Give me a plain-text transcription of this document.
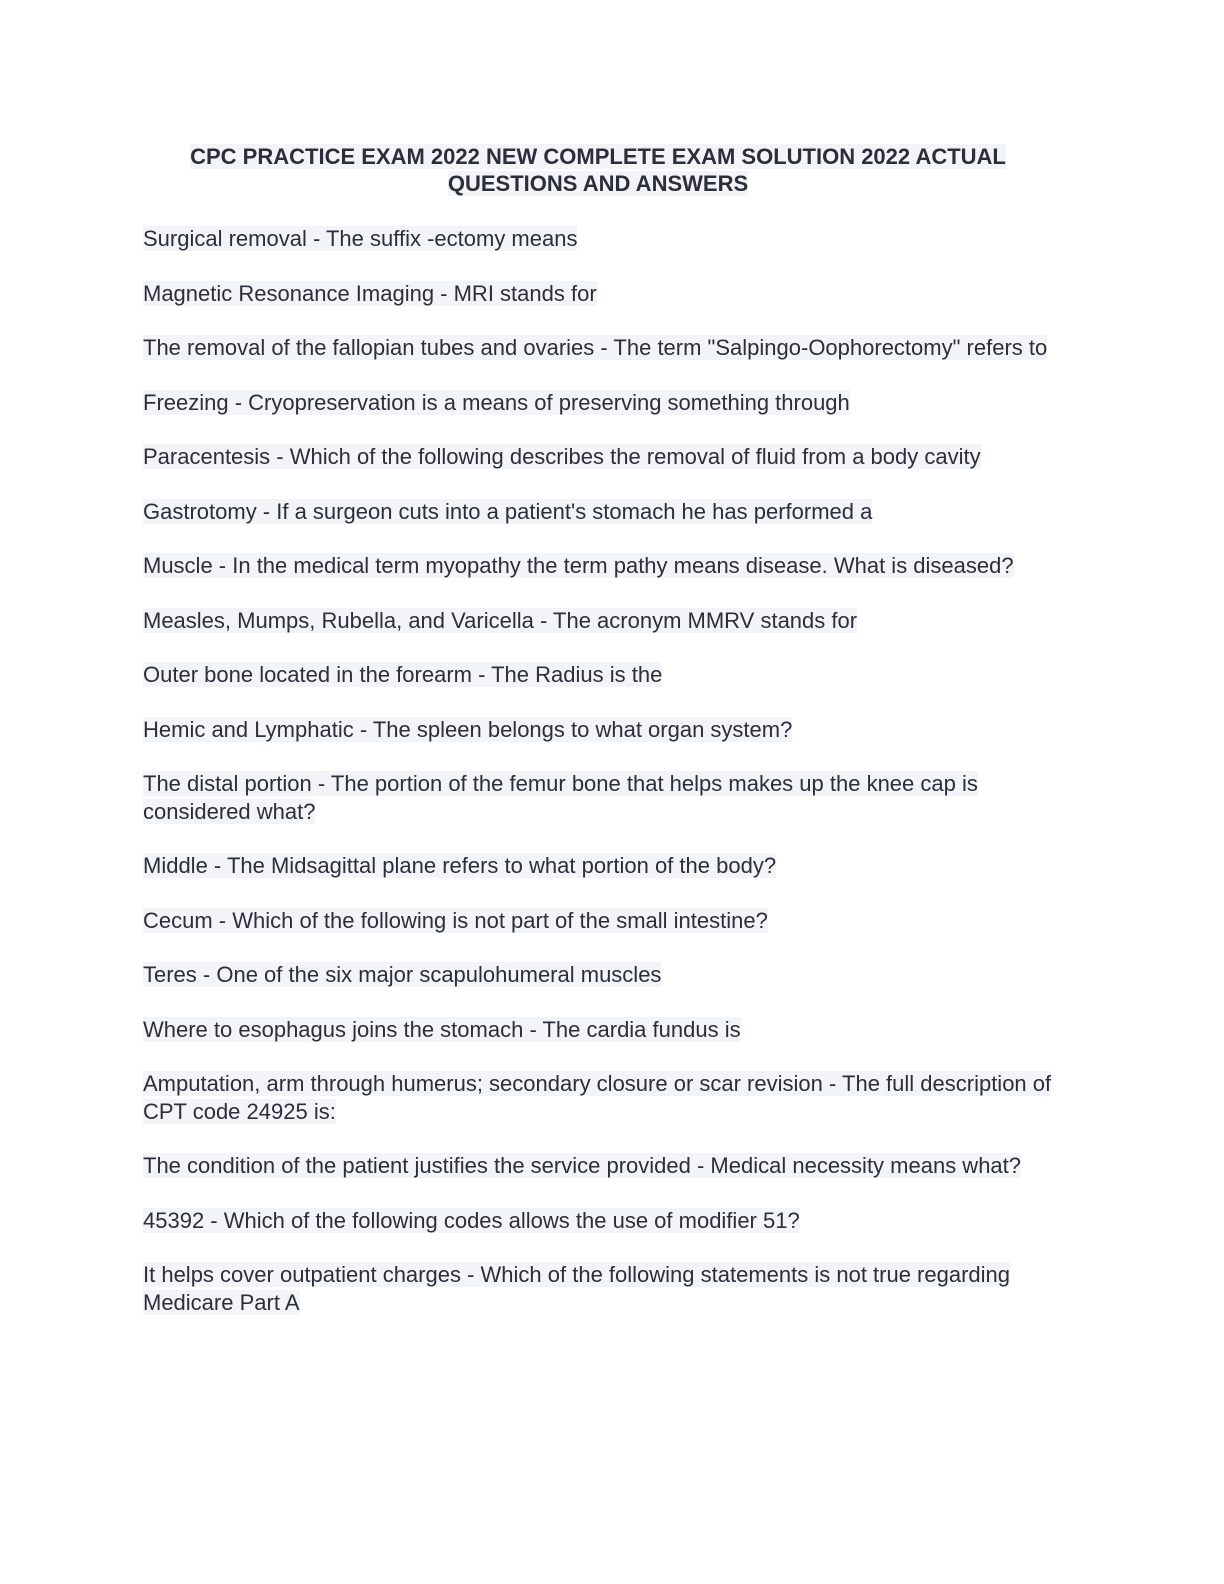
CPC PRACTICE EXAM 2022 NEW COMPLETE EXAM SOLUTION 2022 ACTUAL QUESTIONS AND ANSWERS
Surgical removal - The suffix -ectomy means
Magnetic Resonance Imaging - MRI stands for
The removal of the fallopian tubes and ovaries - The term "Salpingo-Oophorectomy" refers to
Freezing - Cryopreservation is a means of preserving something through
Paracentesis - Which of the following describes the removal of fluid from a body cavity
Gastrotomy - If a surgeon cuts into a patient's stomach he has performed a
Muscle - In the medical term myopathy the term pathy means disease. What is diseased?
Measles, Mumps, Rubella, and Varicella - The acronym MMRV stands for
Outer bone located in the forearm - The Radius is the
Hemic and Lymphatic - The spleen belongs to what organ system?
The distal portion - The portion of the femur bone that helps makes up the knee cap is considered what?
Middle - The Midsagittal plane refers to what portion of the body?
Cecum - Which of the following is not part of the small intestine?
Teres - One of the six major scapulohumeral muscles
Where to esophagus joins the stomach - The cardia fundus is
Amputation, arm through humerus; secondary closure or scar revision - The full description of CPT code 24925 is:
The condition of the patient justifies the service provided - Medical necessity means what?
45392 - Which of the following codes allows the use of modifier 51?
It helps cover outpatient charges - Which of the following statements is not true regarding Medicare Part A
